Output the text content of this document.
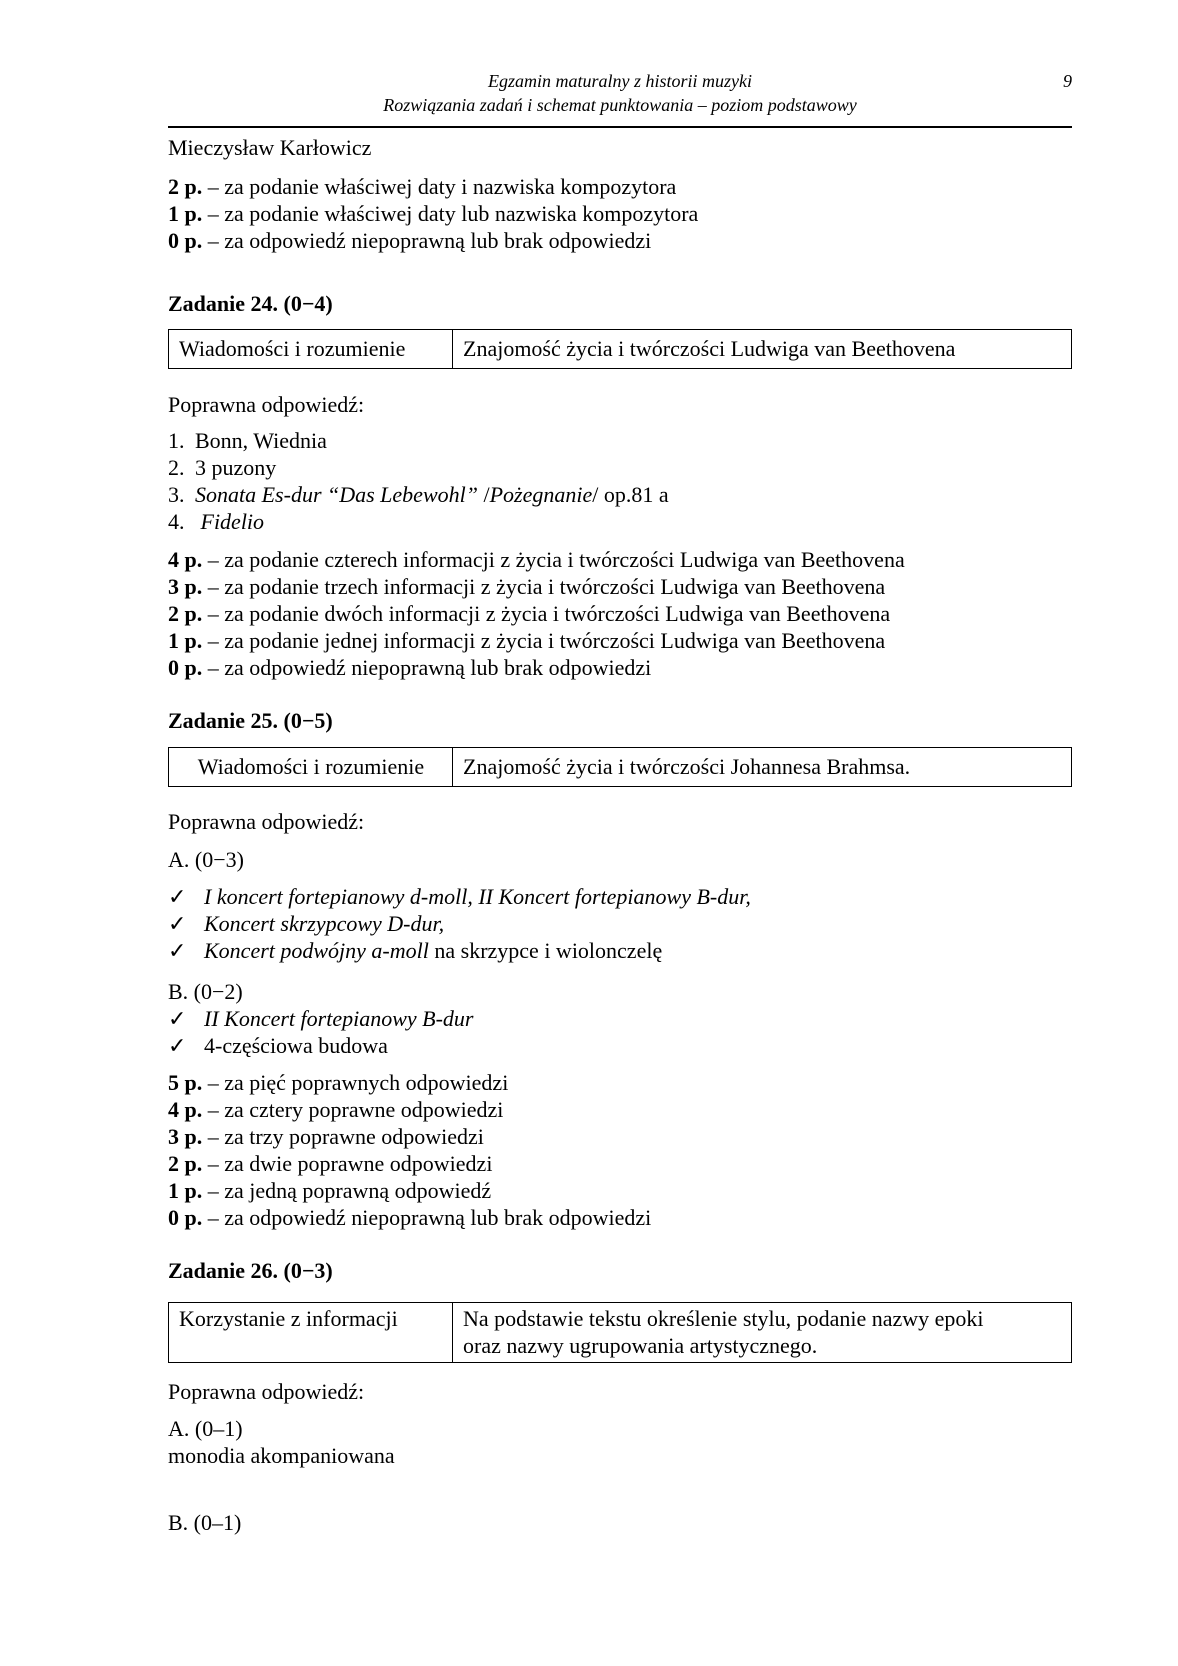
Egzamin maturalny z historii muzyki
Rozwiązania zadań i schemat punktowania – poziom podstawowy
9
Mieczysław Karłowicz
2 p. – za podanie właściwej daty i nazwiska kompozytora
1 p. – za podanie właściwej daty lub nazwiska kompozytora
0 p. – za odpowiedź niepoprawną lub brak odpowiedzi
Zadanie 24. (0−4)
Wiadomości i rozumienie	Znajomość życia i twórczości Ludwiga van Beethovena
Poprawna odpowiedź:
1. Bonn, Wiednia
2. 3 puzony
3. Sonata Es-dur “Das Lebewohl” /Pożegnanie/ op.81 a
4. Fidelio
4 p. – za podanie czterech informacji z życia i twórczości Ludwiga van Beethovena
3 p. – za podanie trzech informacji z życia i twórczości Ludwiga van Beethovena
2 p. – za podanie dwóch informacji z życia i twórczości Ludwiga van Beethovena
1 p. – za podanie jednej informacji z życia i twórczości Ludwiga van Beethovena
0 p. – za odpowiedź niepoprawną lub brak odpowiedzi
Zadanie 25. (0−5)
Wiadomości i rozumienie	Znajomość życia i twórczości Johannesa Brahmsa.
Poprawna odpowiedź:
A. (0−3)
✓ I koncert fortepianowy d-moll, II Koncert fortepianowy B-dur,
✓ Koncert skrzypcowy D-dur,
✓ Koncert podwójny a-moll na skrzypce i wiolonczelę
B. (0−2)
✓ II Koncert fortepianowy B-dur
✓ 4-częściowa budowa
5 p. – za pięć poprawnych odpowiedzi
4 p. – za cztery poprawne odpowiedzi
3 p. – za trzy poprawne odpowiedzi
2 p. – za dwie poprawne odpowiedzi
1 p. – za jedną poprawną odpowiedź
0 p. – za odpowiedź niepoprawną lub brak odpowiedzi
Zadanie 26. (0−3)
Korzystanie z informacji	Na podstawie tekstu określenie stylu, podanie nazwy epoki
oraz nazwy ugrupowania artystycznego.
Poprawna odpowiedź:
A. (0–1)
monodia akompaniowana
B. (0–1)
